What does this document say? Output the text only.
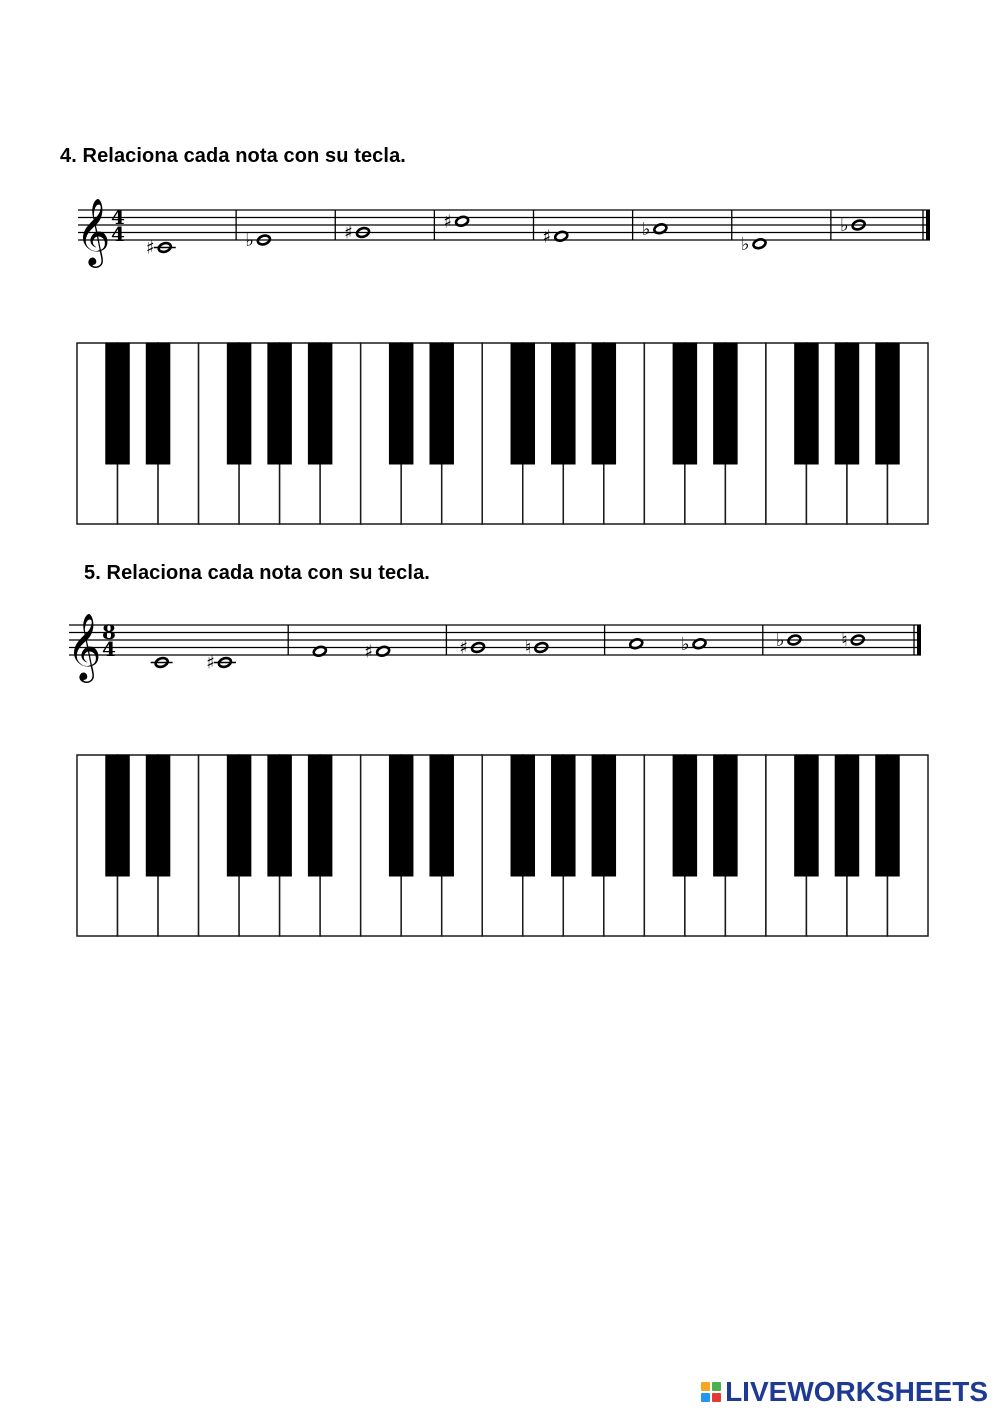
4. Relaciona cada nota con su tecla.
𝄞 4
4
♯	♭	♯
♯
♯	♭
♭
♭
5. Relaciona cada nota con su tecla.
𝄞 8
4
♯
♯	♯	♮	♭	♭	♮
LIVEWORKSHEETS
